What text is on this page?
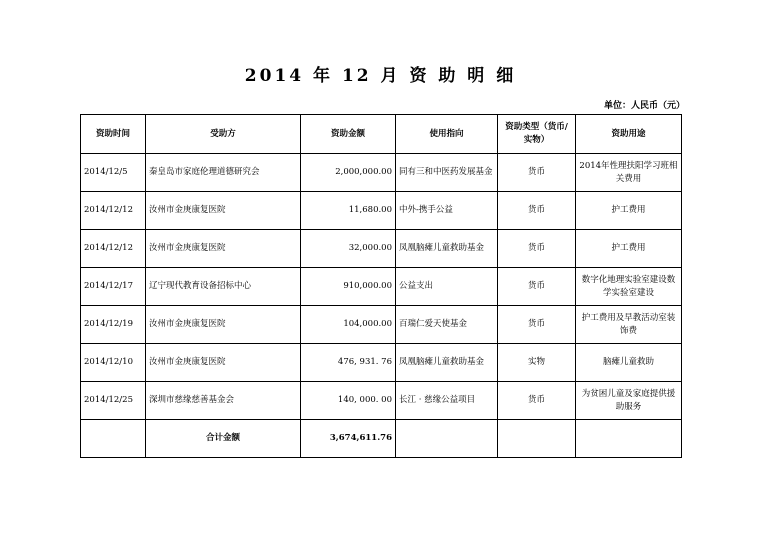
2014 年 12 月 资 助 明 细
单位：人民币（元）
资助时间	受助方	资助金额	使用指向	资助类型（货币/实物）	资助用途
2014/12/5	秦皇岛市家庭伦理道德研究会	2,000,000.00	同有三和中医药发展基金	货币	2014年性理扶阳学习班相关费用
2014/12/12	汝州市金庚康复医院	11,680.00	中外-携手公益	货币	护工费用
2014/12/12	汝州市金庚康复医院	32,000.00	凤凰脑瘫儿童救助基金	货币	护工费用
2014/12/17	辽宁现代教育设备招标中心	910,000.00	公益支出	货币	数字化地理实验室建设数学实验室建设
2014/12/19	汝州市金庚康复医院	104,000.00	百瑞仁爱天使基金	货币	护工费用及早教活动室装饰费
2014/12/10	汝州市金庚康复医院	476, 931. 76	凤凰脑瘫儿童救助基金	实物	脑瘫儿童救助
2014/12/25	深圳市慈缘慈善基金会	140, 000. 00	长江 · 慈缘公益项目	货币	为贫困儿童及家庭提供援助服务
	合计金额	3,674,611.76			
